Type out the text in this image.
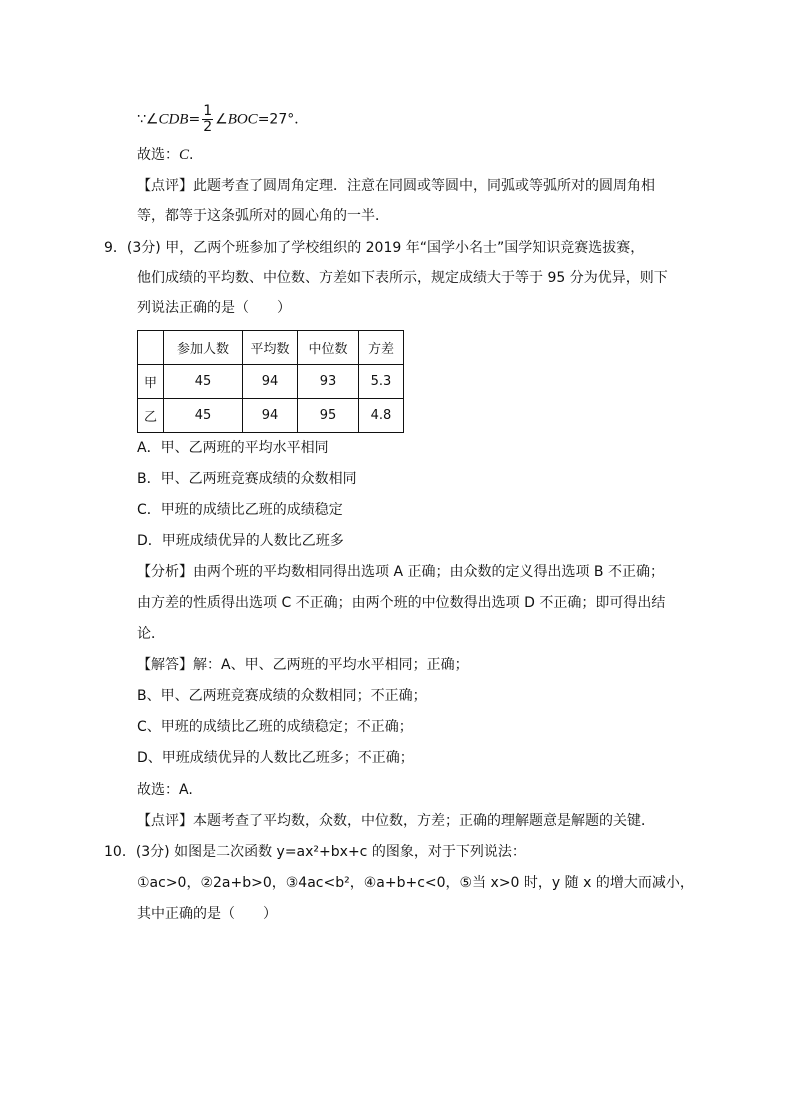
∵∠CDB= $\frac{1}{2}$ ∠BOC=27°．
故选：C.
【点评】此题考查了圆周角定理．注意在同圆或等圆中，同弧或等弧所对的圆周角相
等，都等于这条弧所对的圆心角的一半．
9．(3分) 甲，乙两个班参加了学校组织的 2019 年“国学小名士”国学知识竞赛选拔赛，
他们成绩的平均数、中位数、方差如下表所示，规定成绩大于等于 95 分为优异，则下
列说法正确的是（　　）
	参加人数	平均数	中位数	方差
甲	45	94	93	5.3
乙	45	94	95	4.8
A．甲、乙两班的平均水平相同
B．甲、乙两班竞赛成绩的众数相同
C．甲班的成绩比乙班的成绩稳定
D．甲班成绩优异的人数比乙班多
【分析】由两个班的平均数相同得出选项 A 正确；由众数的定义得出选项 B 不正确；
由方差的性质得出选项 C 不正确；由两个班的中位数得出选项 D 不正确；即可得出结
论．
【解答】解：A、甲、乙两班的平均水平相同；正确；
B、甲、乙两班竞赛成绩的众数相同；不正确；
C、甲班的成绩比乙班的成绩稳定；不正确；
D、甲班成绩优异的人数比乙班多；不正确；
故选：A.
【点评】本题考查了平均数，众数，中位数，方差；正确的理解题意是解题的关键．
10．(3分) 如图是二次函数 y=ax²+bx+c 的图象，对于下列说法：
①ac>0，②2a+b>0，③4ac<b²，④a+b+c<0，⑤当 x>0 时，y 随 x 的增大而减小，
其中正确的是（　　）
